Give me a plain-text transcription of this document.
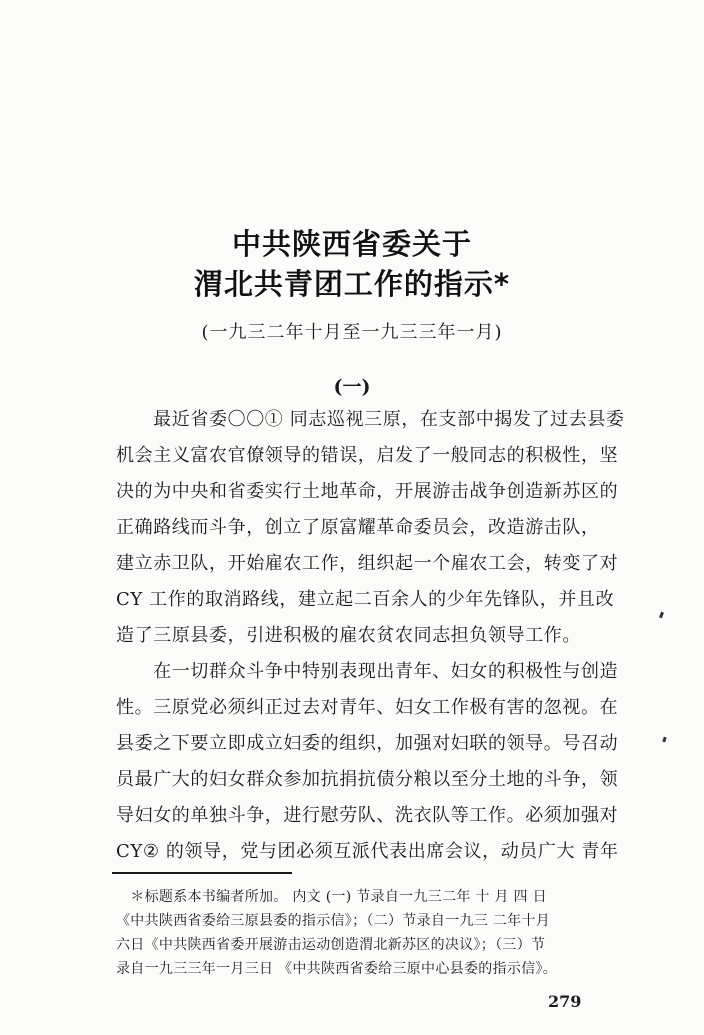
中共陕西省委关于
渭北共青团工作的指示*
(一九三二年十月至一九三三年一月)
(一)
　　最近省委〇〇① 同志巡视三原，在支部中揭发了过去县委
机会主义富农官僚领导的错误，启发了一般同志的积极性，坚
决的为中央和省委实行土地革命，开展游击战争创造新苏区的
正确路线而斗争，创立了原富耀革命委员会，改造游击队，
建立赤卫队，开始雇农工作，组织起一个雇农工会，转变了对
CY 工作的取消路线，建立起二百余人的少年先锋队，并且改
造了三原县委，引进积极的雇农贫农同志担负领导工作。
　　在一切群众斗争中特别表现出青年、妇女的积极性与创造
性。三原党必须纠正过去对青年、妇女工作极有害的忽视。在
县委之下要立即成立妇委的组织，加强对妇联的领导。号召动
员最广大的妇女群众参加抗捐抗债分粮以至分土地的斗争，领
导妇女的单独斗争，进行慰劳队、洗衣队等工作。必须加强对
CY② 的领导，党与团必须互派代表出席会议，动员广大 青年
　＊标题系本书编者所加。 内文 (一) 节录自一九三二年 十 月 四 日
《中共陕西省委给三原县委的指示信》；（二）节录自一九三 二年十月
六日《中共陕西省委开展游击运动创造渭北新苏区的决议》；（三）节
录自一九三三年一月三日 《中共陕西省委给三原中心县委的指示信》。
279
